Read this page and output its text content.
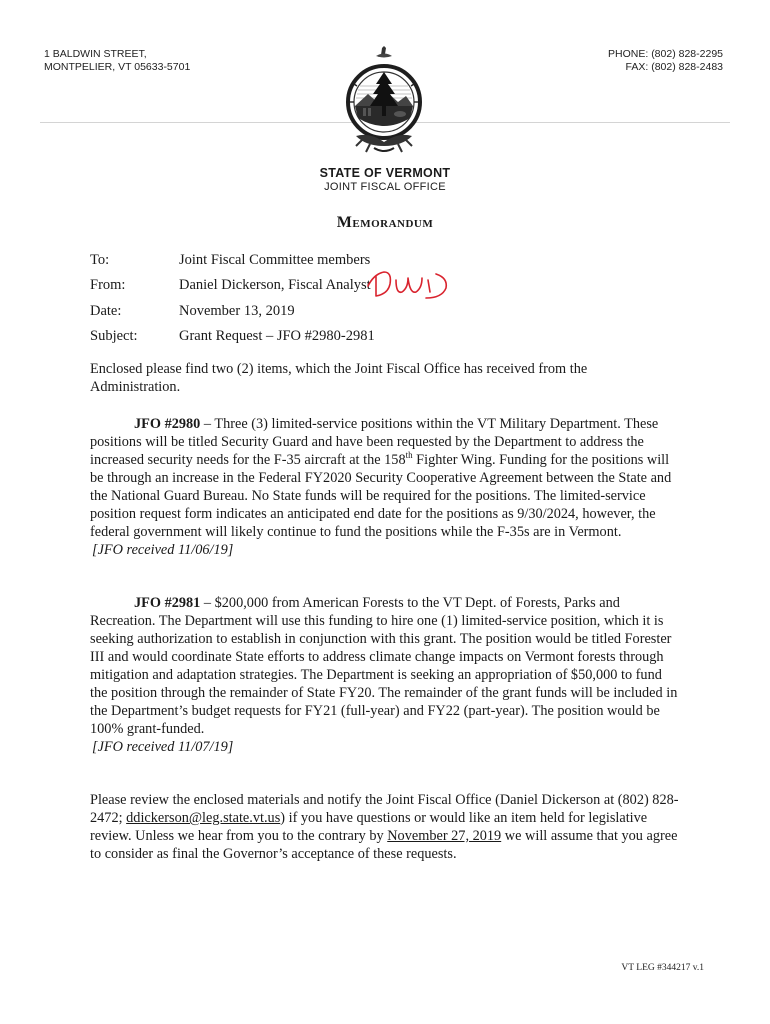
1 BALDWIN STREET,
MONTPELIER, VT 05633-5701
PHONE: (802) 828-2295
FAX: (802) 828-2483
STATE OF VERMONT
JOINT FISCAL OFFICE
Memorandum
To:	Joint Fiscal Committee members
From:	Daniel Dickerson, Fiscal Analyst
Date:	November 13, 2019
Subject:	Grant Request – JFO #2980-2981

Enclosed please find two (2) items, which the Joint Fiscal Office has received from the Administration.

JFO #2980 – Three (3) limited-service positions within the VT Military Department. These positions will be titled Security Guard and have been requested by the Department to address the increased security needs for the F-35 aircraft at the 158th Fighter Wing. Funding for the positions will be through an increase in the Federal FY2020 Security Cooperative Agreement between the State and the National Guard Bureau. No State funds will be required for the positions. The limited-service position request form indicates an anticipated end date for the positions as 9/30/2024, however, the federal government will likely continue to fund the positions while the F-35s are in Vermont.

[JFO received 11/06/19]

JFO #2981 – $200,000 from American Forests to the VT Dept. of Forests, Parks and Recreation. The Department will use this funding to hire one (1) limited-service position, which it is seeking authorization to establish in conjunction with this grant. The position would be titled Forester III and would coordinate State efforts to address climate change impacts on Vermont forests through mitigation and adaptation strategies. The Department is seeking an appropriation of $50,000 to fund the position through the remainder of State FY20. The remainder of the grant funds will be included in the Department’s budget requests for FY21 (full-year) and FY22 (part-year). The position would be 100% grant-funded.

[JFO received 11/07/19]

Please review the enclosed materials and notify the Joint Fiscal Office (Daniel Dickerson at (802) 828-2472; ddickerson@leg.state.vt.us) if you have questions or would like an item held for legislative review. Unless we hear from you to the contrary by November 27, 2019 we will assume that you agree to consider as final the Governor’s acceptance of these requests.

VT LEG #344217 v.1
